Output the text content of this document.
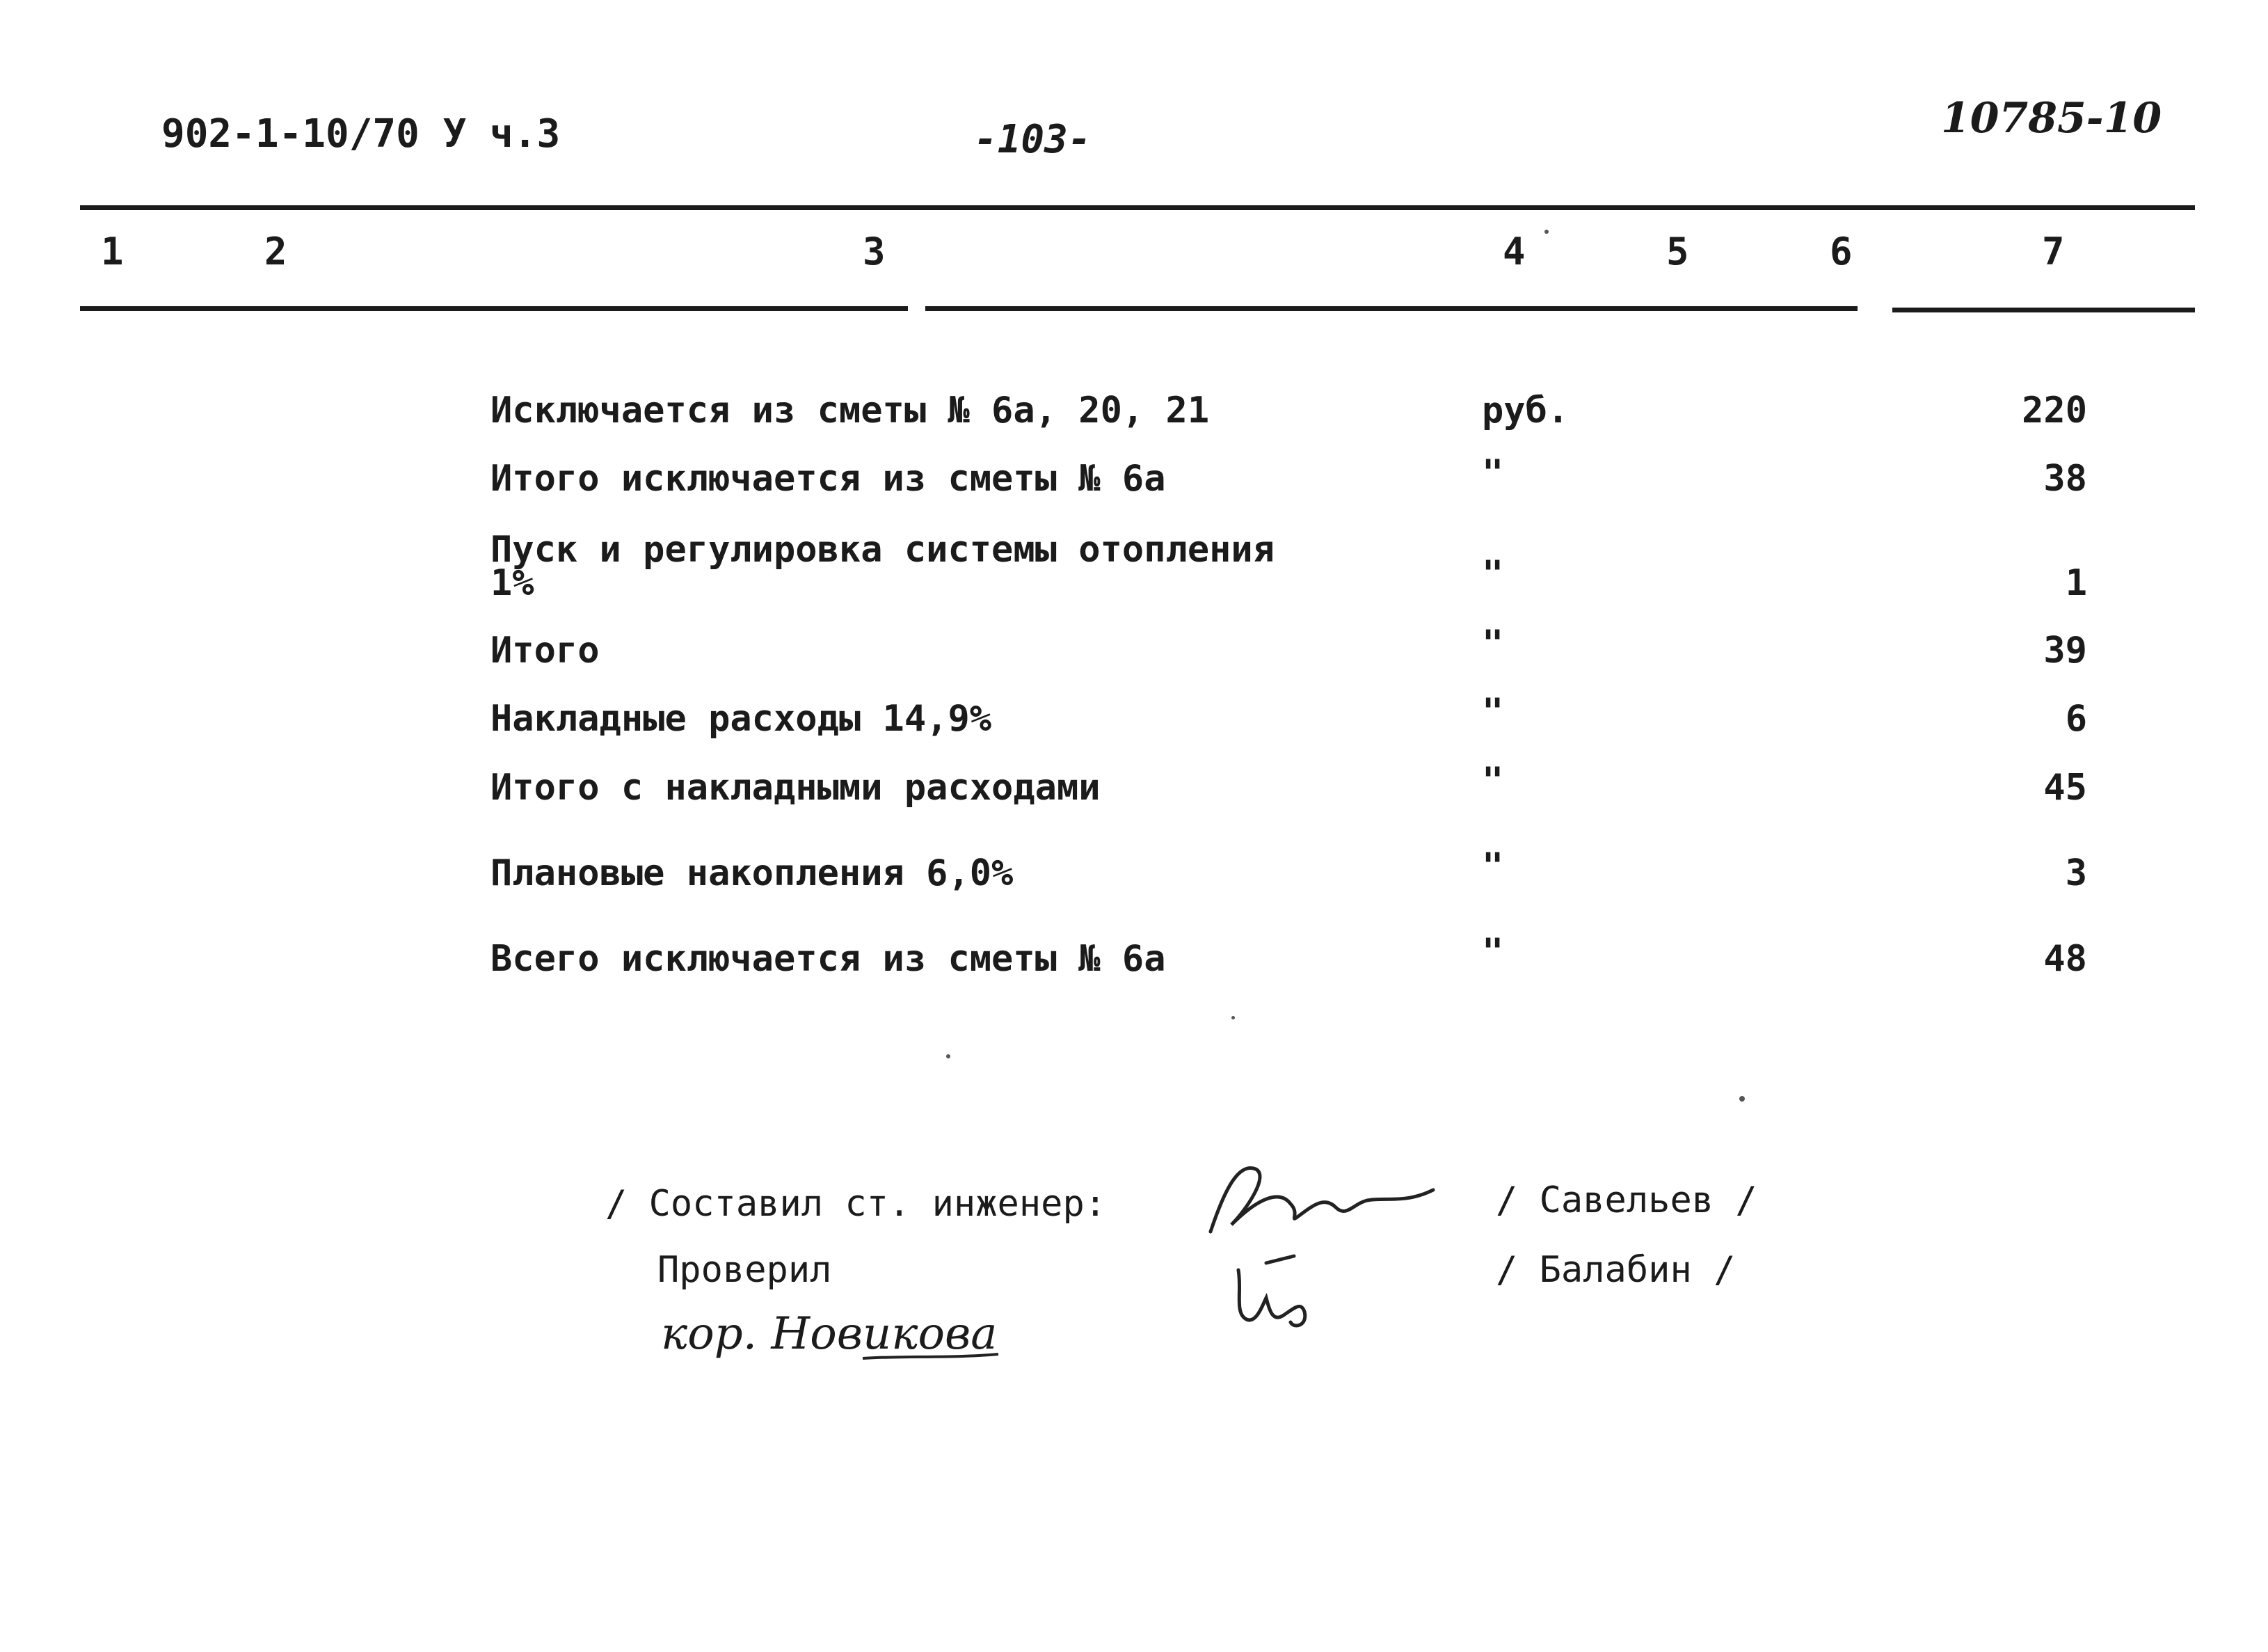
902-1-10/70 У ч.3	-103-	10785-10
1	2	3	4	5	6	7
Исключается из сметы № 6а, 20, 21	руб.	220
Итого исключается из сметы № 6а	"	38
Пуск и регулировка системы отопления
1%	"	1
Итого	"	39
Накладные расходы 14,9%	"	6
Итого с накладными расходами	"	45
Плановые накопления 6,0%	"	3
Всего исключается из сметы № 6а	"	48
/ Составил ст. инженер:	/ Савельев /
Проверил	/ Балабин /
кор. Новикова
